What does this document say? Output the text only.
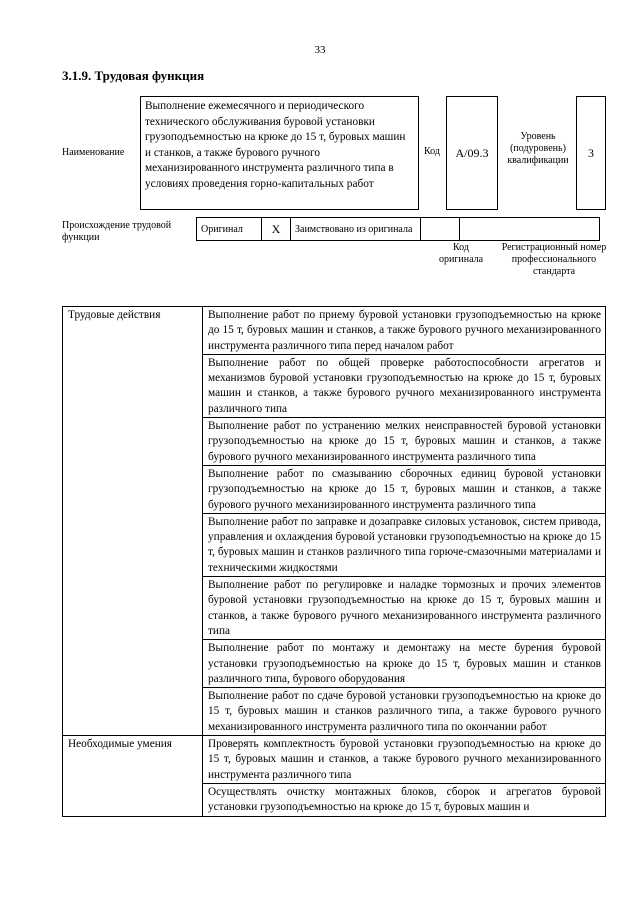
33
3.1.9. Трудовая функция
Наименование
Выполнение ежемесячного и периодического технического обслуживания буровой установки грузоподъемностью на крюке до 15 т, буровых машин и станков, а также бурового ручного механизированного инструмента различного типа в условиях проведения горно-капитальных работ
Код А/09.3
Уровень (подуровень) квалификации
3
Происхождение трудовой функции
Оригинал	X	Заимствовано из оригинала		
Код оригинала
Регистрационный номер профессионального стандарта
Трудовые действия	Выполнение работ по приему буровой установки грузоподъемностью на крюке до 15 т, буровых машин и станков, а также бурового ручного механизированного инструмента различного типа перед началом работ
	Выполнение работ по общей проверке работоспособности агрегатов и механизмов буровой установки грузоподъемностью на крюке до 15 т, буровых машин и станков, а также бурового ручного механизированного инструмента различного типа
	Выполнение работ по устранению мелких неисправностей буровой установки грузоподъемностью на крюке до 15 т, буровых машин и станков, а также бурового ручного механизированного инструмента различного типа
	Выполнение работ по смазыванию сборочных единиц буровой установки грузоподъемностью на крюке до 15 т, буровых машин и станков, а также бурового ручного механизированного инструмента различного типа
	Выполнение работ по заправке и дозаправке силовых установок, систем привода, управления и охлаждения буровой установки грузоподъемностью на крюке до 15 т, буровых машин и станков различного типа горюче-смазочными материалами и техническими жидкостями
	Выполнение работ по регулировке и наладке тормозных и прочих элементов буровой установки грузоподъемностью на крюке до 15 т, буровых машин и станков, а также бурового ручного механизированного инструмента различного типа
	Выполнение работ по монтажу и демонтажу на месте бурения буровой установки грузоподъемностью на крюке до 15 т, буровых машин и станков различного типа, бурового оборудования
	Выполнение работ по сдаче буровой установки грузоподъемностью на крюке до 15 т, буровых машин и станков различного типа, а также бурового ручного механизированного инструмента различного типа по окончании работ
Необходимые умения	Проверять комплектность буровой установки грузоподъемностью на крюке до 15 т, буровых машин и станков, а также бурового ручного механизированного инструмента различного типа
	Осуществлять очистку монтажных блоков, сборок и агрегатов буровой установки грузоподъемностью на крюке до 15 т, буровых машин и
